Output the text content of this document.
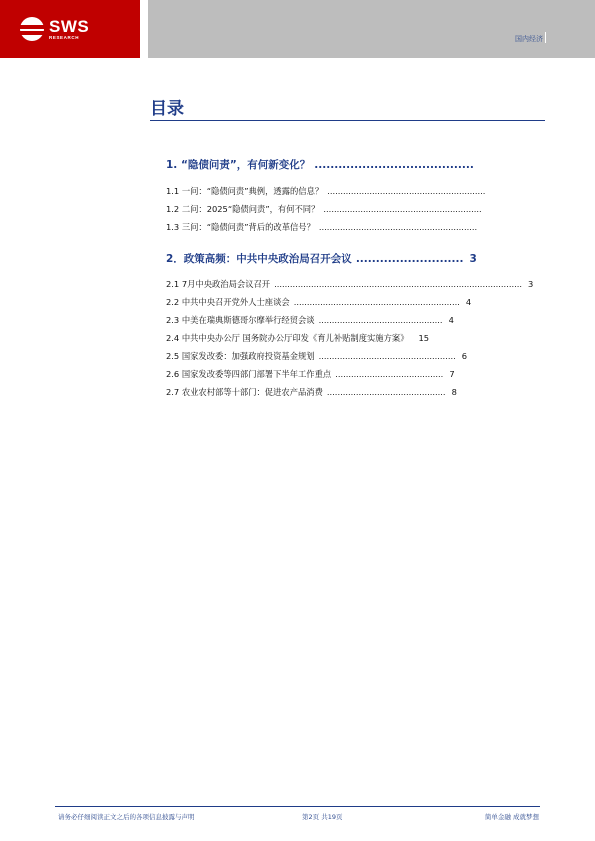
SWS
RESEARCH	国内经济
目录
1. “隐债问责”，有何新变化？ ........................................
1.1 一问：“隐债问责”典例，透露的信息？ ............................................................
1.2 二问：2025“隐债问责”，有何不同？ ............................................................
1.3 三问：“隐债问责”背后的改革信号？ ............................................................
2．政策高频：中共中央政治局召开会议 ........................... 3
2.1 7月中央政治局会议召开 .............................................................................................. 3
2.2 中共中央召开党外人士座谈会 ............................................................... 4
2.3 中美在瑞典斯德哥尔摩举行经贸会谈 ............................................... 4
2.4 中共中央办公厅 国务院办公厅印发《育儿补贴制度实施方案》 15
2.5 国家发改委：加强政府投资基金规划 .................................................... 6
2.6 国家发改委等四部门部署下半年工作重点 ......................................... 7
2.7 农业农村部等十部门：促进农产品消费 ............................................. 8
请务必仔细阅读正文之后的各项信息披露与声明	第2页 共19页	简单金融 成就梦想
